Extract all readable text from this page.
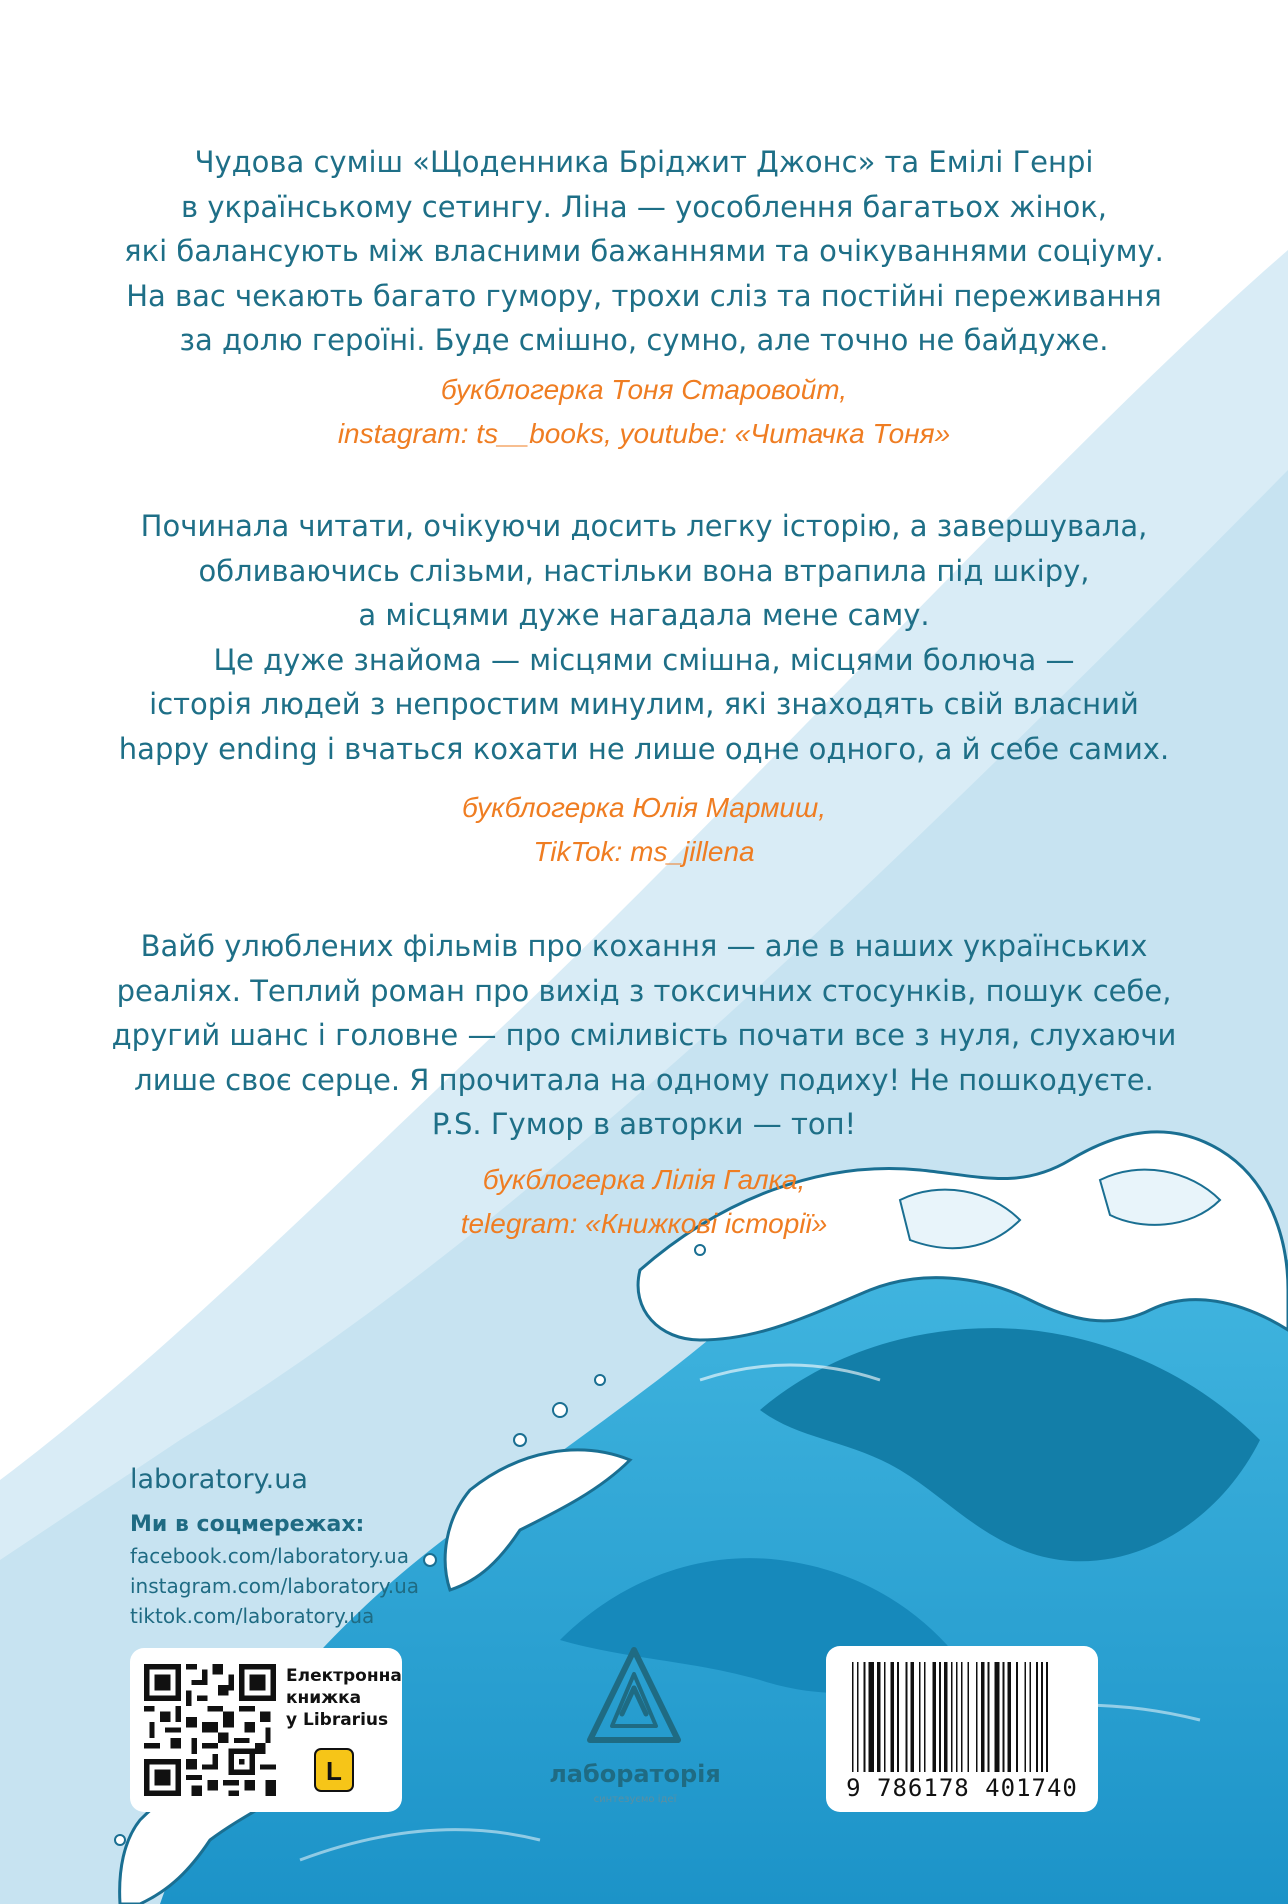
Чудова суміш «Щоденника Бріджит Джонс» та Емілі Генрі
в українському сетингу. Ліна — уособлення багатьох жінок,
які балансують між власними бажаннями та очікуваннями соціуму.
На вас чекають багато гумору, трохи сліз та постійні переживання
за долю героїні. Буде смішно, сумно, але точно не байдуже.

букблогерка Тоня Старовойт,
instagram: ts__books, youtube: «Читачка Тоня»

Починала читати, очікуючи досить легку історію, а завершувала,
обливаючись слізьми, настільки вона втрапила під шкіру,
а місцями дуже нагадала мене саму.
Це дуже знайома — місцями смішна, місцями болюча —
історія людей з непростим минулим, які знаходять свій власний
happy ending і вчаться кохати не лише одне одного, а й себе самих.

букблогерка Юлія Мармиш,
TikTok: ms_jillena

Вайб улюблених фільмів про кохання — але в наших українських
реаліях. Теплий роман про вихід з токсичних стосунків, пошук себе,
другий шанс і головне — про сміливість почати все з нуля, слухаючи
лише своє серце. Я прочитала на одному подиху! Не пошкодуєте.
P.S. Гумор в авторки — топ!

букблогерка Лілія Галка,
telegram: «Книжкові історії»
laboratory.ua
Ми в соцмережах:
facebook.com/laboratory.ua
instagram.com/laboratory.ua
tiktok.com/laboratory.ua
Електронна
книжка
у Librarius
L	лабораторія
синтезуємо ідеї	9 786178 401740
